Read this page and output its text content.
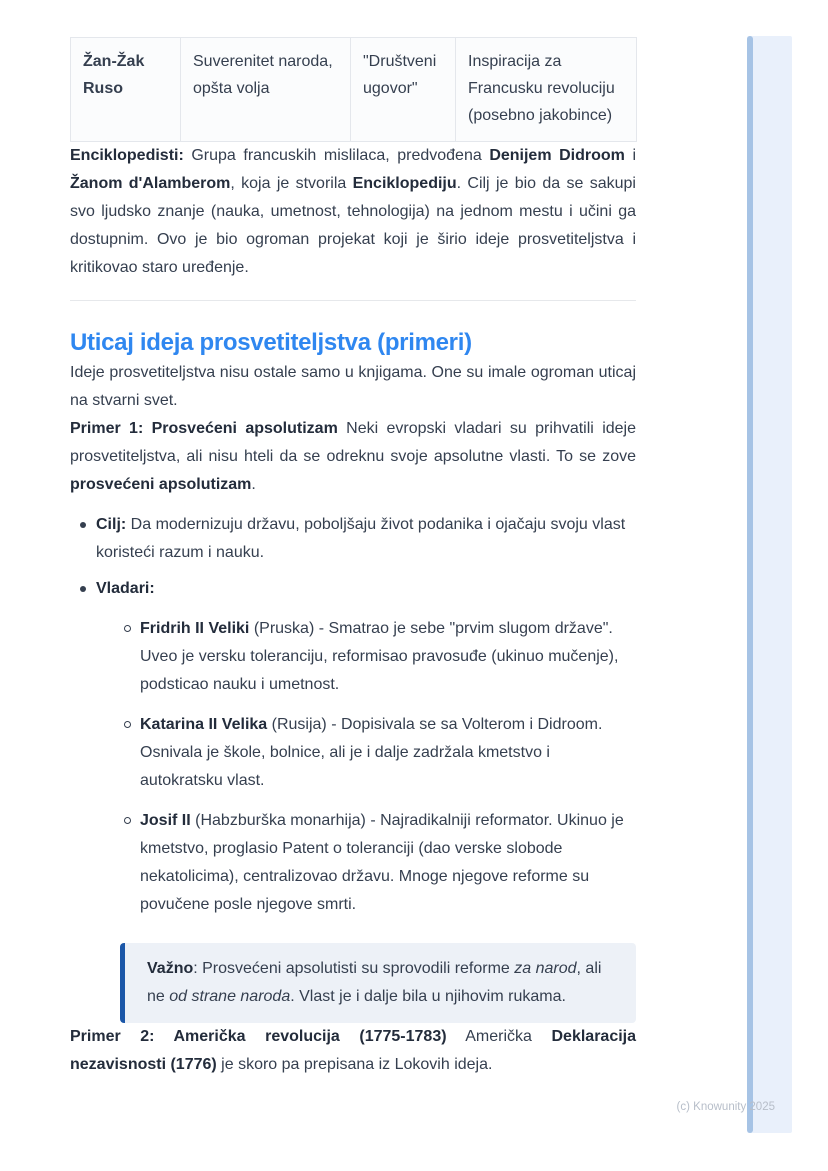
Žan-Žak Ruso	Suverenitet naroda, opšta volja	"Društveni ugovor"	Inspiracija za Francusku revoluciju (posebno jakobince)

Enciklopedisti: Grupa francuskih mislilaca, predvođena Denijem Didroom i Žanom d'Alamberom, koja je stvorila Enciklopediju. Cilj je bio da se sakupi svo ljudsko znanje (nauka, umetnost, tehnologija) na jednom mestu i učini ga dostupnim. Ovo je bio ogroman projekat koji je širio ideje prosvetiteljstva i kritikovao staro uređenje.

Uticaj ideja prosvetiteljstva (primeri)

Ideje prosvetiteljstva nisu ostale samo u knjigama. One su imale ogroman uticaj na stvarni svet.

Primer 1: Prosvećeni apsolutizam Neki evropski vladari su prihvatili ideje prosvetiteljstva, ali nisu hteli da se odreknu svoje apsolutne vlasti. To se zove prosvećeni apsolutizam.

Cilj: Da modernizuju državu, poboljšaju život podanika i ojačaju svoju vlast koristeći razum i nauku.
Vladari:
Fridrih II Veliki (Pruska) - Smatrao je sebe "prvim slugom države". Uveo je versku toleranciju, reformisao pravosuđe (ukinuo mučenje), podsticao nauku i umetnost.
Katarina II Velika (Rusija) - Dopisivala se sa Volterom i Didroom. Osnivala je škole, bolnice, ali je i dalje zadržala kmetstvo i autokratsku vlast.
Josif II (Habzburška monarhija) - Najradikalniji reformator. Ukinuo je kmetstvo, proglasio Patent o toleranciji (dao verske slobode nekatolicima), centralizovao državu. Mnoge njegove reforme su povučene posle njegove smrti.
Važno: Prosvećeni apsolutisti su sprovodili reforme za narod, ali ne od strane naroda. Vlast je i dalje bila u njihovim rukama.

Primer 2: Američka revolucija (1775-1783) Američka Deklaracija nezavisnosti (1776) je skoro pa prepisana iz Lokovih ideja.

(c) Knowunity 2025
